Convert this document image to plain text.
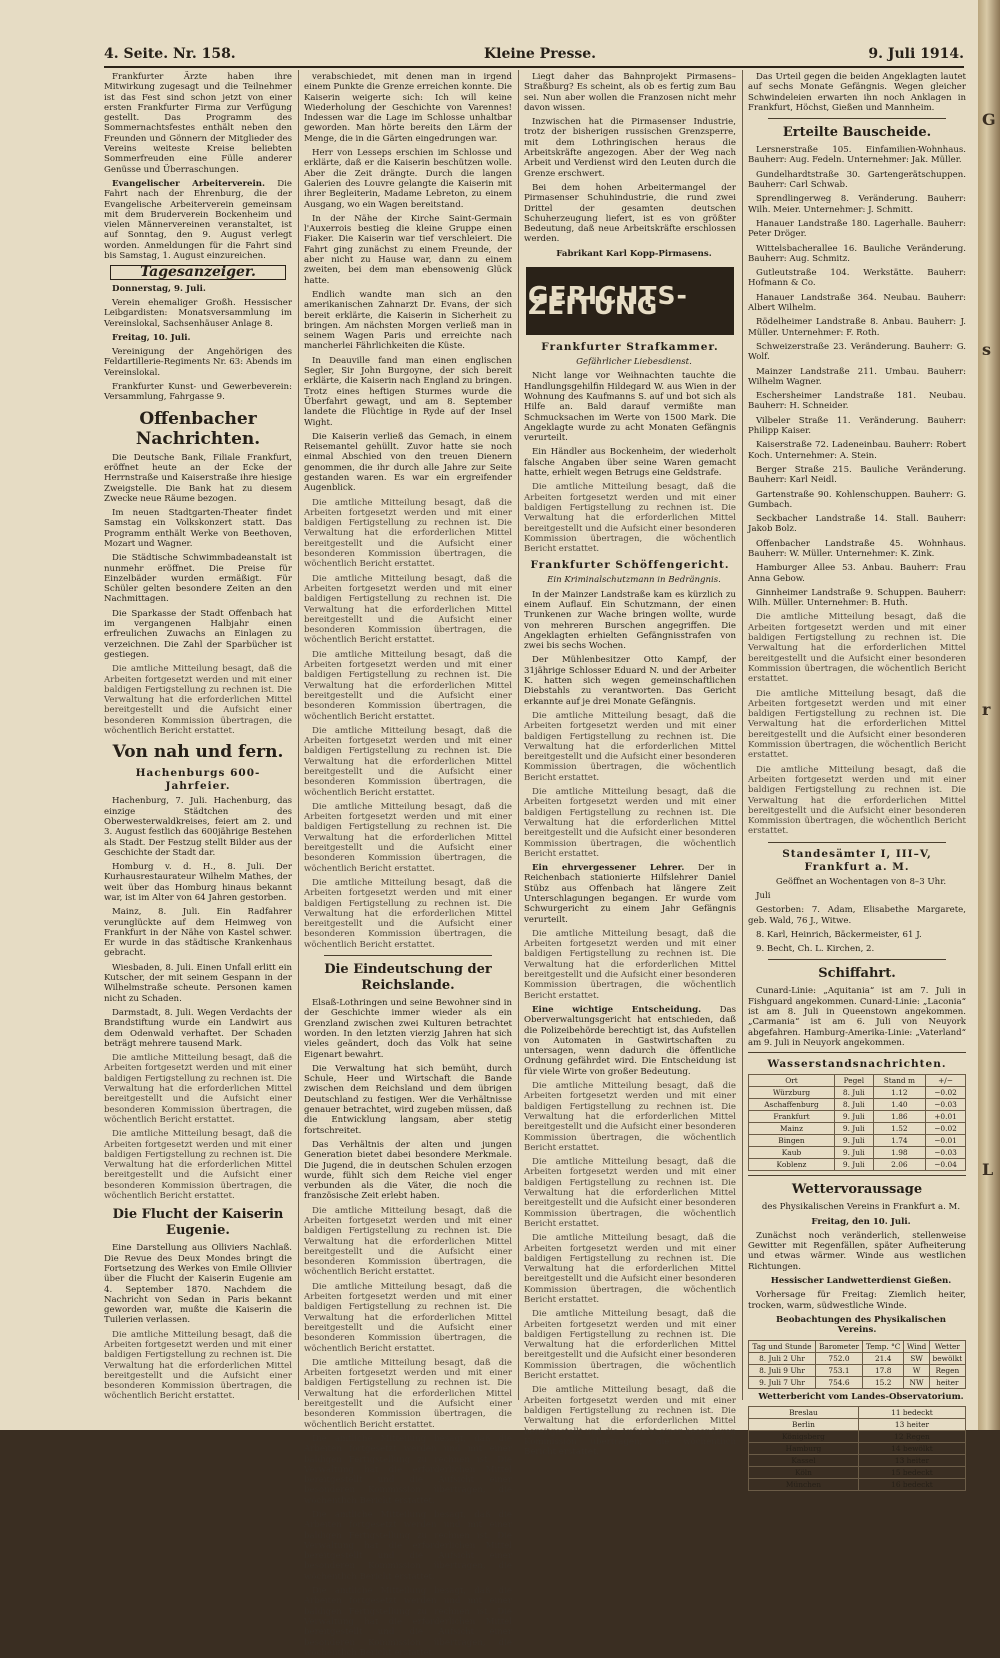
4. Seite. Nr. 158.	Kleine Presse.	9. Juli 1914.

Frankfurter Ärzte haben ihre Mitwirkung zugesagt und die Teilnehmer ist das Fest sind schon jetzt von einer ersten Frankfurter Firma zur Verfügung gestellt. Das Programm des Sommernachtsfestes enthält neben den Freunden und Gönnern der Mitglieder des Vereins weiteste Kreise beliebten Sommerfreuden eine Fülle anderer Genüsse und Überraschungen.

Evangelischer Arbeiterverein. Die Fahrt nach der Ehrenburg, die der Evangelische Arbeiterverein gemeinsam mit dem Bruderverein Bockenheim und vielen Männervereinen veranstaltet, ist auf Sonntag, den 9. August verlegt worden. Anmeldungen für die Fahrt sind bis Samstag, 1. August einzureichen.

Tagesanzeiger.

Donnerstag, 9. Juli.

Verein ehemaliger Großh. Hessischer Leibgardisten: Monatsversammlung im Vereinslokal, Sachsenhäuser Anlage 8.

Freitag, 10. Juli.

Vereinigung der Angehörigen des Feldartillerie-Regiments Nr. 63: Abends im Vereinslokal.

Frankfurter Kunst- und Gewerbeverein: Versammlung, Fahrgasse 9.

Offenbacher Nachrichten.

Die Deutsche Bank, Filiale Frankfurt, eröffnet heute an der Ecke der Herrnstraße und Kaiserstraße ihre hiesige Zweigstelle. Die Bank hat zu diesem Zwecke neue Räume bezogen.

Im neuen Stadtgarten-Theater findet Samstag ein Volkskonzert statt. Das Programm enthält Werke von Beethoven, Mozart und Wagner.

Die Städtische Schwimmbadeanstalt ist nunmehr eröffnet. Die Preise für Einzelbäder wurden ermäßigt. Für Schüler gelten besondere Zeiten an den Nachmittagen.

Die Sparkasse der Stadt Offenbach hat im vergangenen Halbjahr einen erfreulichen Zuwachs an Einlagen zu verzeichnen. Die Zahl der Sparbücher ist gestiegen.

Die amtliche Mitteilung besagt, daß die Arbeiten fortgesetzt werden und mit einer baldigen Fertigstellung zu rechnen ist. Die Verwaltung hat die erforderlichen Mittel bereitgestellt und die Aufsicht einer besonderen Kommission übertragen, die wöchentlich Bericht erstattet.

Von nah und fern.
Hachenburgs 600-Jahrfeier.

Hachenburg, 7. Juli. Hachenburg, das einzige Städtchen des Oberwesterwaldkreises, feiert am 2. und 3. August festlich das 600jährige Bestehen als Stadt. Der Festzug stellt Bilder aus der Geschichte der Stadt dar.

Homburg v. d. H., 8. Juli. Der Kurhausrestaurateur Wilhelm Mathes, der weit über das Homburg hinaus bekannt war, ist im Alter von 64 Jahren gestorben.

Mainz, 8. Juli. Ein Radfahrer verunglückte auf dem Heimweg von Frankfurt in der Nähe von Kastel schwer. Er wurde in das städtische Krankenhaus gebracht.

Wiesbaden, 8. Juli. Einen Unfall erlitt ein Kutscher, der mit seinem Gespann in der Wilhelmstraße scheute. Personen kamen nicht zu Schaden.

Darmstadt, 8. Juli. Wegen Verdachts der Brandstiftung wurde ein Landwirt aus dem Odenwald verhaftet. Der Schaden beträgt mehrere tausend Mark.

Die amtliche Mitteilung besagt, daß die Arbeiten fortgesetzt werden und mit einer baldigen Fertigstellung zu rechnen ist. Die Verwaltung hat die erforderlichen Mittel bereitgestellt und die Aufsicht einer besonderen Kommission übertragen, die wöchentlich Bericht erstattet.

Die amtliche Mitteilung besagt, daß die Arbeiten fortgesetzt werden und mit einer baldigen Fertigstellung zu rechnen ist. Die Verwaltung hat die erforderlichen Mittel bereitgestellt und die Aufsicht einer besonderen Kommission übertragen, die wöchentlich Bericht erstattet.

Die Flucht der Kaiserin Eugenie.

Eine Darstellung aus Olliviers Nachlaß. Die Revue des Deux Mondes bringt die Fortsetzung des Werkes von Emile Ollivier über die Flucht der Kaiserin Eugenie am 4. September 1870. Nachdem die Nachricht von Sedan in Paris bekannt geworden war, mußte die Kaiserin die Tuilerien verlassen.

Die amtliche Mitteilung besagt, daß die Arbeiten fortgesetzt werden und mit einer baldigen Fertigstellung zu rechnen ist. Die Verwaltung hat die erforderlichen Mittel bereitgestellt und die Aufsicht einer besonderen Kommission übertragen, die wöchentlich Bericht erstattet.

verabschiedet, mit denen man in irgend einem Punkte die Grenze erreichen konnte. Die Kaiserin weigerte sich: Ich will keine Wiederholung der Geschichte von Varennes! Indessen war die Lage im Schlosse unhaltbar geworden. Man hörte bereits den Lärm der Menge, die in die Gärten eingedrungen war.

Herr von Lesseps erschien im Schlosse und erklärte, daß er die Kaiserin beschützen wolle. Aber die Zeit drängte. Durch die langen Galerien des Louvre gelangte die Kaiserin mit ihrer Begleiterin, Madame Lebreton, zu einem Ausgang, wo ein Wagen bereitstand.

In der Nähe der Kirche Saint-Germain l'Auxerrois bestieg die kleine Gruppe einen Fiaker. Die Kaiserin war tief verschleiert. Die Fahrt ging zunächst zu einem Freunde, der aber nicht zu Hause war, dann zu einem zweiten, bei dem man ebensowenig Glück hatte.

Endlich wandte man sich an den amerikanischen Zahnarzt Dr. Evans, der sich bereit erklärte, die Kaiserin in Sicherheit zu bringen. Am nächsten Morgen verließ man in seinem Wagen Paris und erreichte nach mancherlei Fährlichkeiten die Küste.

In Deauville fand man einen englischen Segler, Sir John Burgoyne, der sich bereit erklärte, die Kaiserin nach England zu bringen. Trotz eines heftigen Sturmes wurde die Überfahrt gewagt, und am 8. September landete die Flüchtige in Ryde auf der Insel Wight.

Die Kaiserin verließ das Gemach, in einem Reisemantel gehüllt. Zuvor hatte sie noch einmal Abschied von den treuen Dienern genommen, die ihr durch alle Jahre zur Seite gestanden waren. Es war ein ergreifender Augenblick.

Die amtliche Mitteilung besagt, daß die Arbeiten fortgesetzt werden und mit einer baldigen Fertigstellung zu rechnen ist. Die Verwaltung hat die erforderlichen Mittel bereitgestellt und die Aufsicht einer besonderen Kommission übertragen, die wöchentlich Bericht erstattet.

Die amtliche Mitteilung besagt, daß die Arbeiten fortgesetzt werden und mit einer baldigen Fertigstellung zu rechnen ist. Die Verwaltung hat die erforderlichen Mittel bereitgestellt und die Aufsicht einer besonderen Kommission übertragen, die wöchentlich Bericht erstattet.

Die amtliche Mitteilung besagt, daß die Arbeiten fortgesetzt werden und mit einer baldigen Fertigstellung zu rechnen ist. Die Verwaltung hat die erforderlichen Mittel bereitgestellt und die Aufsicht einer besonderen Kommission übertragen, die wöchentlich Bericht erstattet.

Die amtliche Mitteilung besagt, daß die Arbeiten fortgesetzt werden und mit einer baldigen Fertigstellung zu rechnen ist. Die Verwaltung hat die erforderlichen Mittel bereitgestellt und die Aufsicht einer besonderen Kommission übertragen, die wöchentlich Bericht erstattet.

Die amtliche Mitteilung besagt, daß die Arbeiten fortgesetzt werden und mit einer baldigen Fertigstellung zu rechnen ist. Die Verwaltung hat die erforderlichen Mittel bereitgestellt und die Aufsicht einer besonderen Kommission übertragen, die wöchentlich Bericht erstattet.

Die amtliche Mitteilung besagt, daß die Arbeiten fortgesetzt werden und mit einer baldigen Fertigstellung zu rechnen ist. Die Verwaltung hat die erforderlichen Mittel bereitgestellt und die Aufsicht einer besonderen Kommission übertragen, die wöchentlich Bericht erstattet.

Die Eindeutschung der Reichslande.

Elsaß-Lothringen und seine Bewohner sind in der Geschichte immer wieder als ein Grenzland zwischen zwei Kulturen betrachtet worden. In den letzten vierzig Jahren hat sich vieles geändert, doch das Volk hat seine Eigenart bewahrt.

Die Verwaltung hat sich bemüht, durch Schule, Heer und Wirtschaft die Bande zwischen dem Reichsland und dem übrigen Deutschland zu festigen. Wer die Verhältnisse genauer betrachtet, wird zugeben müssen, daß die Entwicklung langsam, aber stetig fortschreitet.

Das Verhältnis der alten und jungen Generation bietet dabei besondere Merkmale. Die Jugend, die in deutschen Schulen erzogen wurde, fühlt sich dem Reiche viel enger verbunden als die Väter, die noch die französische Zeit erlebt haben.

Die amtliche Mitteilung besagt, daß die Arbeiten fortgesetzt werden und mit einer baldigen Fertigstellung zu rechnen ist. Die Verwaltung hat die erforderlichen Mittel bereitgestellt und die Aufsicht einer besonderen Kommission übertragen, die wöchentlich Bericht erstattet.

Die amtliche Mitteilung besagt, daß die Arbeiten fortgesetzt werden und mit einer baldigen Fertigstellung zu rechnen ist. Die Verwaltung hat die erforderlichen Mittel bereitgestellt und die Aufsicht einer besonderen Kommission übertragen, die wöchentlich Bericht erstattet.

Die amtliche Mitteilung besagt, daß die Arbeiten fortgesetzt werden und mit einer baldigen Fertigstellung zu rechnen ist. Die Verwaltung hat die erforderlichen Mittel bereitgestellt und die Aufsicht einer besonderen Kommission übertragen, die wöchentlich Bericht erstattet.

Die amtliche Mitteilung besagt, daß die Arbeiten fortgesetzt werden und mit einer baldigen Fertigstellung zu rechnen ist. Die Verwaltung hat die erforderlichen Mittel bereitgestellt und die Aufsicht einer besonderen Kommission übertragen, die wöchentlich Bericht erstattet.

Die amtliche Mitteilung besagt, daß die Arbeiten fortgesetzt werden und mit einer baldigen Fertigstellung zu rechnen ist. Die Verwaltung hat die erforderlichen Mittel bereitgestellt und die Aufsicht einer besonderen Kommission übertragen, die wöchentlich Bericht erstattet.

Die amtliche Mitteilung besagt, daß die Arbeiten fortgesetzt werden und mit einer baldigen Fertigstellung zu rechnen ist. Die Verwaltung hat die erforderlichen Mittel bereitgestellt und die Aufsicht einer besonderen Kommission übertragen, die wöchentlich Bericht erstattet.

Liegt daher das Bahnprojekt Pirmasens–Straßburg? Es scheint, als ob es fertig zum Bau sei. Nun aber wollen die Franzosen nicht mehr davon wissen.

Inzwischen hat die Pirmasenser Industrie, trotz der bisherigen russischen Grenzsperre, mit dem Lothringischen heraus die Arbeitskräfte angezogen. Aber der Weg nach Arbeit und Verdienst wird den Leuten durch die Grenze erschwert.

Bei dem hohen Arbeitermangel der Pirmasenser Schuhindustrie, die rund zwei Drittel der gesamten deutschen Schuherzeugung liefert, ist es von größter Bedeutung, daß neue Arbeitskräfte erschlossen werden.

Fabrikant Karl Kopp-Pirmasens.

GERICHTS-ZEITUNG
Frankfurter Strafkammer.

Gefährlicher Liebesdienst.

Nicht lange vor Weihnachten tauchte die Handlungsgehilfin Hildegard W. aus Wien in der Wohnung des Kaufmanns S. auf und bot sich als Hilfe an. Bald darauf vermißte man Schmucksachen im Werte von 1500 Mark. Die Angeklagte wurde zu acht Monaten Gefängnis verurteilt.

Ein Händler aus Bockenheim, der wiederholt falsche Angaben über seine Waren gemacht hatte, erhielt wegen Betrugs eine Geldstrafe.

Die amtliche Mitteilung besagt, daß die Arbeiten fortgesetzt werden und mit einer baldigen Fertigstellung zu rechnen ist. Die Verwaltung hat die erforderlichen Mittel bereitgestellt und die Aufsicht einer besonderen Kommission übertragen, die wöchentlich Bericht erstattet.

Frankfurter Schöffengericht.

Ein Kriminalschutzmann in Bedrängnis.

In der Mainzer Landstraße kam es kürzlich zu einem Auflauf. Ein Schutzmann, der einen Trunkenen zur Wache bringen wollte, wurde von mehreren Burschen angegriffen. Die Angeklagten erhielten Gefängnisstrafen von zwei bis sechs Wochen.

Der Mühlenbesitzer Otto Kampf, der 31jährige Schlosser Eduard N. und der Arbeiter K. hatten sich wegen gemeinschaftlichen Diebstahls zu verantworten. Das Gericht erkannte auf je drei Monate Gefängnis.

Die amtliche Mitteilung besagt, daß die Arbeiten fortgesetzt werden und mit einer baldigen Fertigstellung zu rechnen ist. Die Verwaltung hat die erforderlichen Mittel bereitgestellt und die Aufsicht einer besonderen Kommission übertragen, die wöchentlich Bericht erstattet.

Die amtliche Mitteilung besagt, daß die Arbeiten fortgesetzt werden und mit einer baldigen Fertigstellung zu rechnen ist. Die Verwaltung hat die erforderlichen Mittel bereitgestellt und die Aufsicht einer besonderen Kommission übertragen, die wöchentlich Bericht erstattet.

Ein ehrvergessener Lehrer. Der in Reichenbach stationierte Hilfslehrer Daniel Stübz aus Offenbach hat längere Zeit Unterschlagungen begangen. Er wurde vom Schwurgericht zu einem Jahr Gefängnis verurteilt.

Die amtliche Mitteilung besagt, daß die Arbeiten fortgesetzt werden und mit einer baldigen Fertigstellung zu rechnen ist. Die Verwaltung hat die erforderlichen Mittel bereitgestellt und die Aufsicht einer besonderen Kommission übertragen, die wöchentlich Bericht erstattet.

Eine wichtige Entscheidung. Das Oberverwaltungsgericht hat entschieden, daß die Polizeibehörde berechtigt ist, das Aufstellen von Automaten in Gastwirtschaften zu untersagen, wenn dadurch die öffentliche Ordnung gefährdet wird. Die Entscheidung ist für viele Wirte von großer Bedeutung.

Die amtliche Mitteilung besagt, daß die Arbeiten fortgesetzt werden und mit einer baldigen Fertigstellung zu rechnen ist. Die Verwaltung hat die erforderlichen Mittel bereitgestellt und die Aufsicht einer besonderen Kommission übertragen, die wöchentlich Bericht erstattet.

Die amtliche Mitteilung besagt, daß die Arbeiten fortgesetzt werden und mit einer baldigen Fertigstellung zu rechnen ist. Die Verwaltung hat die erforderlichen Mittel bereitgestellt und die Aufsicht einer besonderen Kommission übertragen, die wöchentlich Bericht erstattet.

Die amtliche Mitteilung besagt, daß die Arbeiten fortgesetzt werden und mit einer baldigen Fertigstellung zu rechnen ist. Die Verwaltung hat die erforderlichen Mittel bereitgestellt und die Aufsicht einer besonderen Kommission übertragen, die wöchentlich Bericht erstattet.

Die amtliche Mitteilung besagt, daß die Arbeiten fortgesetzt werden und mit einer baldigen Fertigstellung zu rechnen ist. Die Verwaltung hat die erforderlichen Mittel bereitgestellt und die Aufsicht einer besonderen Kommission übertragen, die wöchentlich Bericht erstattet.

Die amtliche Mitteilung besagt, daß die Arbeiten fortgesetzt werden und mit einer baldigen Fertigstellung zu rechnen ist. Die Verwaltung hat die erforderlichen Mittel bereitgestellt und die Aufsicht einer besonderen Kommission übertragen, die wöchentlich Bericht erstattet.

Das Urteil gegen die beiden Angeklagten lautet auf sechs Monate Gefängnis. Wegen gleicher Schwindeleien erwarten ihn noch Anklagen in Frankfurt, Höchst, Gießen und Mannheim.

Erteilte Bauscheide.

Lersnerstraße 105. Einfamilien-Wohnhaus. Bauherr: Aug. Fedeln. Unternehmer: Jak. Müller.

Gundelhardtstraße 30. Gartengerätschuppen. Bauherr: Carl Schwab.

Sprendlingerweg 8. Veränderung. Bauherr: Wilh. Meier. Unternehmer: J. Schmitt.

Hanauer Landstraße 180. Lagerhalle. Bauherr: Peter Dröger.

Wittelsbacherallee 16. Bauliche Veränderung. Bauherr: Aug. Schmitz.

Gutleutstraße 104. Werkstätte. Bauherr: Hofmann & Co.

Hanauer Landstraße 364. Neubau. Bauherr: Albert Wilhelm.

Rödelheimer Landstraße 8. Anbau. Bauherr: J. Müller. Unternehmer: F. Roth.

Schweizerstraße 23. Veränderung. Bauherr: G. Wolf.

Mainzer Landstraße 211. Umbau. Bauherr: Wilhelm Wagner.

Eschersheimer Landstraße 181. Neubau. Bauherr: H. Schneider.

Vilbeler Straße 11. Veränderung. Bauherr: Philipp Kaiser.

Kaiserstraße 72. Ladeneinbau. Bauherr: Robert Koch. Unternehmer: A. Stein.

Berger Straße 215. Bauliche Veränderung. Bauherr: Karl Neidl.

Gartenstraße 90. Kohlenschuppen. Bauherr: G. Gumbach.

Seckbacher Landstraße 14. Stall. Bauherr: Jakob Bolz.

Offenbacher Landstraße 45. Wohnhaus. Bauherr: W. Müller. Unternehmer: K. Zink.

Hamburger Allee 53. Anbau. Bauherr: Frau Anna Gebow.

Ginnheimer Landstraße 9. Schuppen. Bauherr: Wilh. Müller. Unternehmer: B. Huth.

Die amtliche Mitteilung besagt, daß die Arbeiten fortgesetzt werden und mit einer baldigen Fertigstellung zu rechnen ist. Die Verwaltung hat die erforderlichen Mittel bereitgestellt und die Aufsicht einer besonderen Kommission übertragen, die wöchentlich Bericht erstattet.

Die amtliche Mitteilung besagt, daß die Arbeiten fortgesetzt werden und mit einer baldigen Fertigstellung zu rechnen ist. Die Verwaltung hat die erforderlichen Mittel bereitgestellt und die Aufsicht einer besonderen Kommission übertragen, die wöchentlich Bericht erstattet.

Die amtliche Mitteilung besagt, daß die Arbeiten fortgesetzt werden und mit einer baldigen Fertigstellung zu rechnen ist. Die Verwaltung hat die erforderlichen Mittel bereitgestellt und die Aufsicht einer besonderen Kommission übertragen, die wöchentlich Bericht erstattet.

Standesämter I, III–V, Frankfurt a. M.

Geöffnet an Wochentagen von 8–3 Uhr.

Juli

Gestorben: 7. Adam, Elisabethe Margarete, geb. Wald, 76 J., Witwe.

8. Karl, Heinrich, Bäckermeister, 61 J.

9. Becht, Ch. L. Kirchen, 2.

Schiffahrt.

Cunard-Linie: „Aquitania“ ist am 7. Juli in Fishguard angekommen. Cunard-Linie: „Laconia“ ist am 8. Juli in Queenstown angekommen. „Carmania“ ist am 6. Juli von Neuyork abgefahren. Hamburg-Amerika-Linie: „Vaterland“ am 9. Juli in Neuyork angekommen.

Wasserstandsnachrichten.
Ort	Pegel	Stand m	+/−
Würzburg	8. Juli	1.12	−0.02
Aschaffenburg	8. Juli	1.40	−0.03
Frankfurt	9. Juli	1.86	+0.01
Mainz	9. Juli	1.52	−0.02
Bingen	9. Juli	1.74	−0.01
Kaub	9. Juli	1.98	−0.03
Koblenz	9. Juli	2.06	−0.04
Wettervoraussage

des Physikalischen Vereins in Frankfurt a. M.

Freitag, den 10. Juli.

Zunächst noch veränderlich, stellenweise Gewitter mit Regenfällen, später Aufheiterung und etwas wärmer. Winde aus westlichen Richtungen.

Hessischer Landwetterdienst Gießen.

Vorhersage für Freitag: Ziemlich heiter, trocken, warm, südwestliche Winde.

Beobachtungen des Physikalischen Vereins.

Tag und Stunde	Barometer	Temp. °C	Wind	Wetter
8. Juli 2 Uhr	752.0	21.4	SW	bewölkt
8. Juli 9 Uhr	753.1	17.8	W	Regen
9. Juli 7 Uhr	754.6	15.2	NW	heiter

Wetterbericht vom Landes-Observatorium.

Breslau	11 bedeckt
Berlin	13 heiter
Königsberg	12 Regen
Hamburg	14 bewölkt
Kassel	13 heiter
Köln	15 bedeckt
München	16 bedeckt
G
s
r
L
